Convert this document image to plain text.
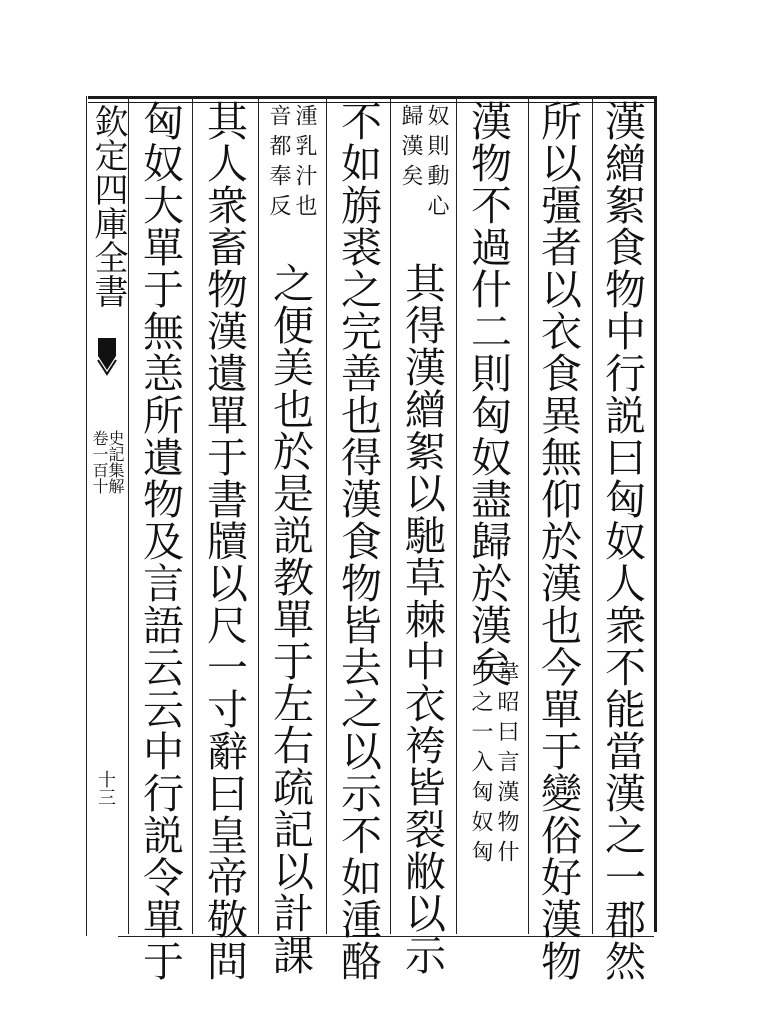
欽定四庫全書
史記集解
卷一百十
十三	漢繒絮食物中行説曰匈奴人衆不能當漢之一郡然
所以彊者以衣食異無仰於漢也今單于變俗好漢物
漢物不過什二則匈奴盡歸於漢矣
韋昭曰言漢物什
中之一入匈奴匈
奴則動心
歸漢矣
其得漢繒絮以馳草棘中衣袴皆裂敝以示
不如旃裘之完善也得漢食物皆去之以示不如湩酪
湩乳汁也
音都奉反
之便美也於是説教單于左右疏記以計課
其人衆畜物漢遺單于書牘以尺一寸辭曰皇帝敬問
匈奴大單于無恙所遺物及言語云云中行説令單于
